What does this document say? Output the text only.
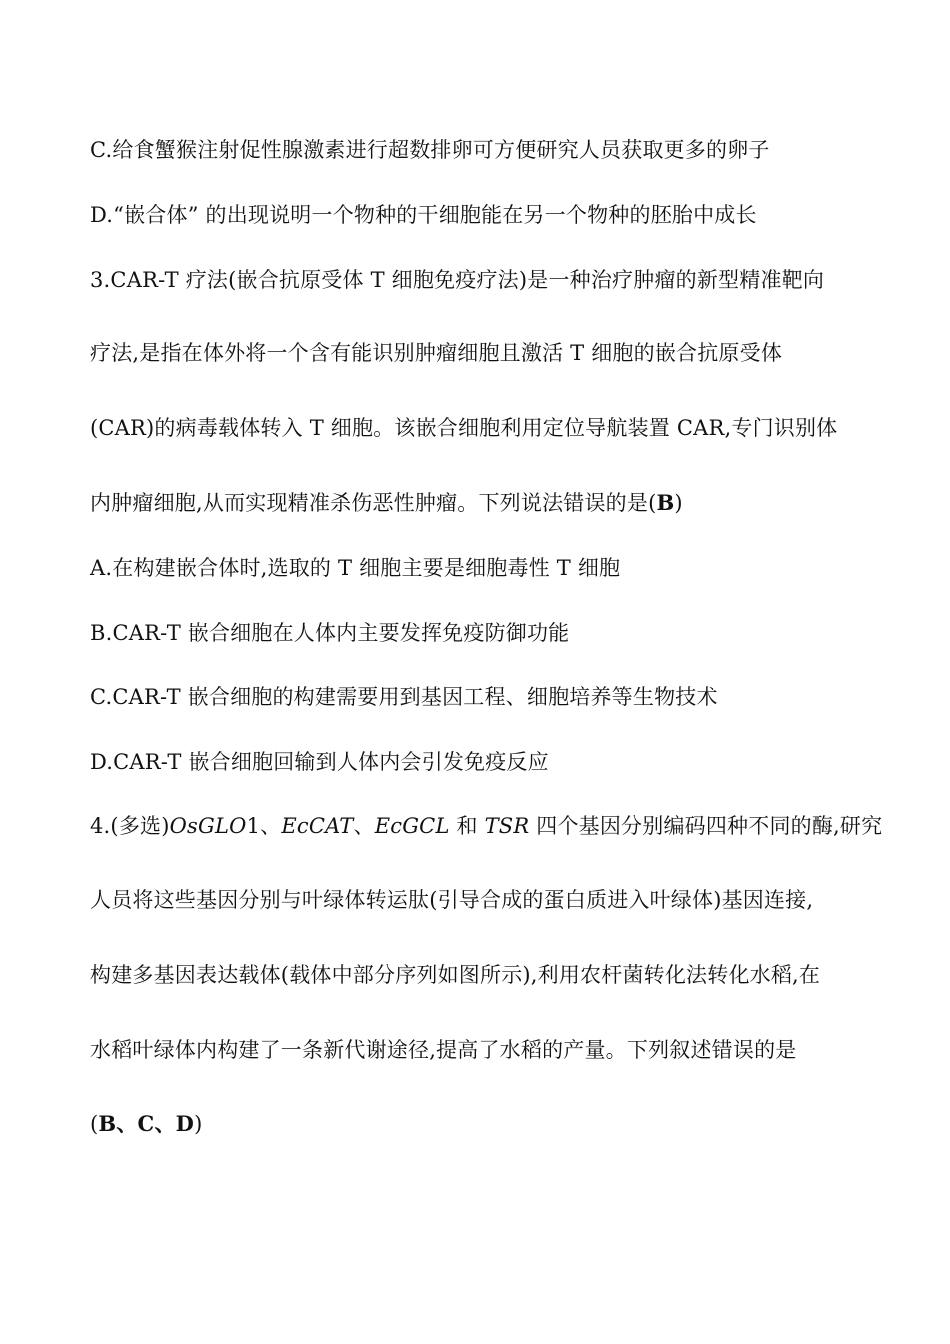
C.给食蟹猴注射促性腺激素进行超数排卵可方便研究人员获取更多的卵子
D.“嵌合体” 的出现说明一个物种的干细胞能在另一个物种的胚胎中成长
3.CAR-T 疗法(嵌合抗原受体 T 细胞免疫疗法)是一种治疗肿瘤的新型精准靶向
疗法,是指在体外将一个含有能识别肿瘤细胞且激活 T 细胞的嵌合抗原受体
(CAR)的病毒载体转入 T 细胞。该嵌合细胞利用定位导航装置 CAR,专门识别体
内肿瘤细胞,从而实现精准杀伤恶性肿瘤。下列说法错误的是(B)
A.在构建嵌合体时,选取的 T 细胞主要是细胞毒性 T 细胞
B.CAR-T 嵌合细胞在人体内主要发挥免疫防御功能
C.CAR-T 嵌合细胞的构建需要用到基因工程、细胞培养等生物技术
D.CAR-T 嵌合细胞回输到人体内会引发免疫反应
4.(多选)OsGLO1、EcCAT、EcGCL 和 TSR 四个基因分别编码四种不同的酶,研究
人员将这些基因分别与叶绿体转运肽(引导合成的蛋白质进入叶绿体)基因连接,
构建多基因表达载体(载体中部分序列如图所示),利用农杆菌转化法转化水稻,在
水稻叶绿体内构建了一条新代谢途径,提高了水稻的产量。下列叙述错误的是
(B、C、D)
